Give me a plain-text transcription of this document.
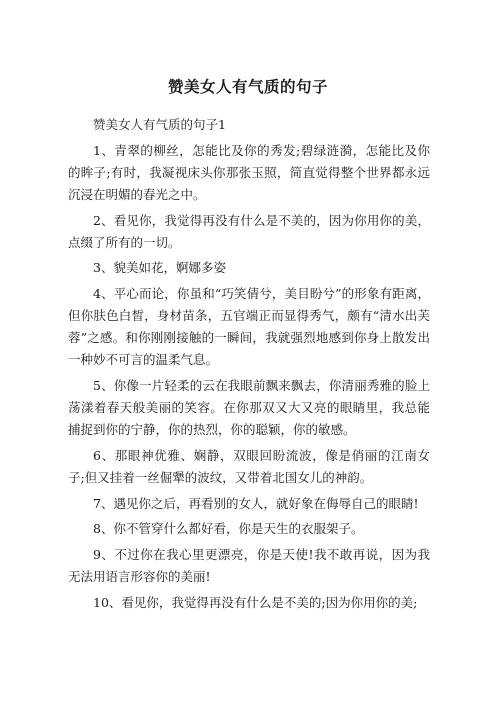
赞美女人有气质的句子

赞美女人有气质的句子1

1、青翠的柳丝，怎能比及你的秀发;碧绿涟漪，怎能比及你的眸子;有时，我凝视床头你那张玉照，简直觉得整个世界都永远沉浸在明媚的春光之中。

2、看见你，我觉得再没有什么是不美的，因为你用你的美，点缀了所有的一切。

3、貌美如花，婀娜多姿

4、平心而论，你虽和“巧笑倩兮，美目盼兮”的形象有距离，但你肤色白皙，身材苗条，五官端正而显得秀气，颇有“清水出芙蓉”之感。和你刚刚接触的一瞬间，我就强烈地感到你身上散发出一种妙不可言的温柔气息。

5、你像一片轻柔的云在我眼前飘来飘去，你清丽秀雅的脸上荡漾着春天般美丽的笑容。在你那双又大又亮的眼睛里，我总能捕捉到你的宁静，你的热烈，你的聪颖，你的敏感。

6、那眼神优雅、娴静，双眼回盼流波，像是俏丽的江南女子;但又挂着一丝倔犟的波纹，又带着北国女儿的神韵。

7、遇见你之后，再看别的女人，就好象在侮辱自己的眼睛!

8、你不管穿什么都好看，你是天生的衣服架子。

9、不过你在我心里更漂亮，你是天使!我不敢再说，因为我无法用语言形容你的美丽!

10、看见你，我觉得再没有什么是不美的;因为你用你的美;
